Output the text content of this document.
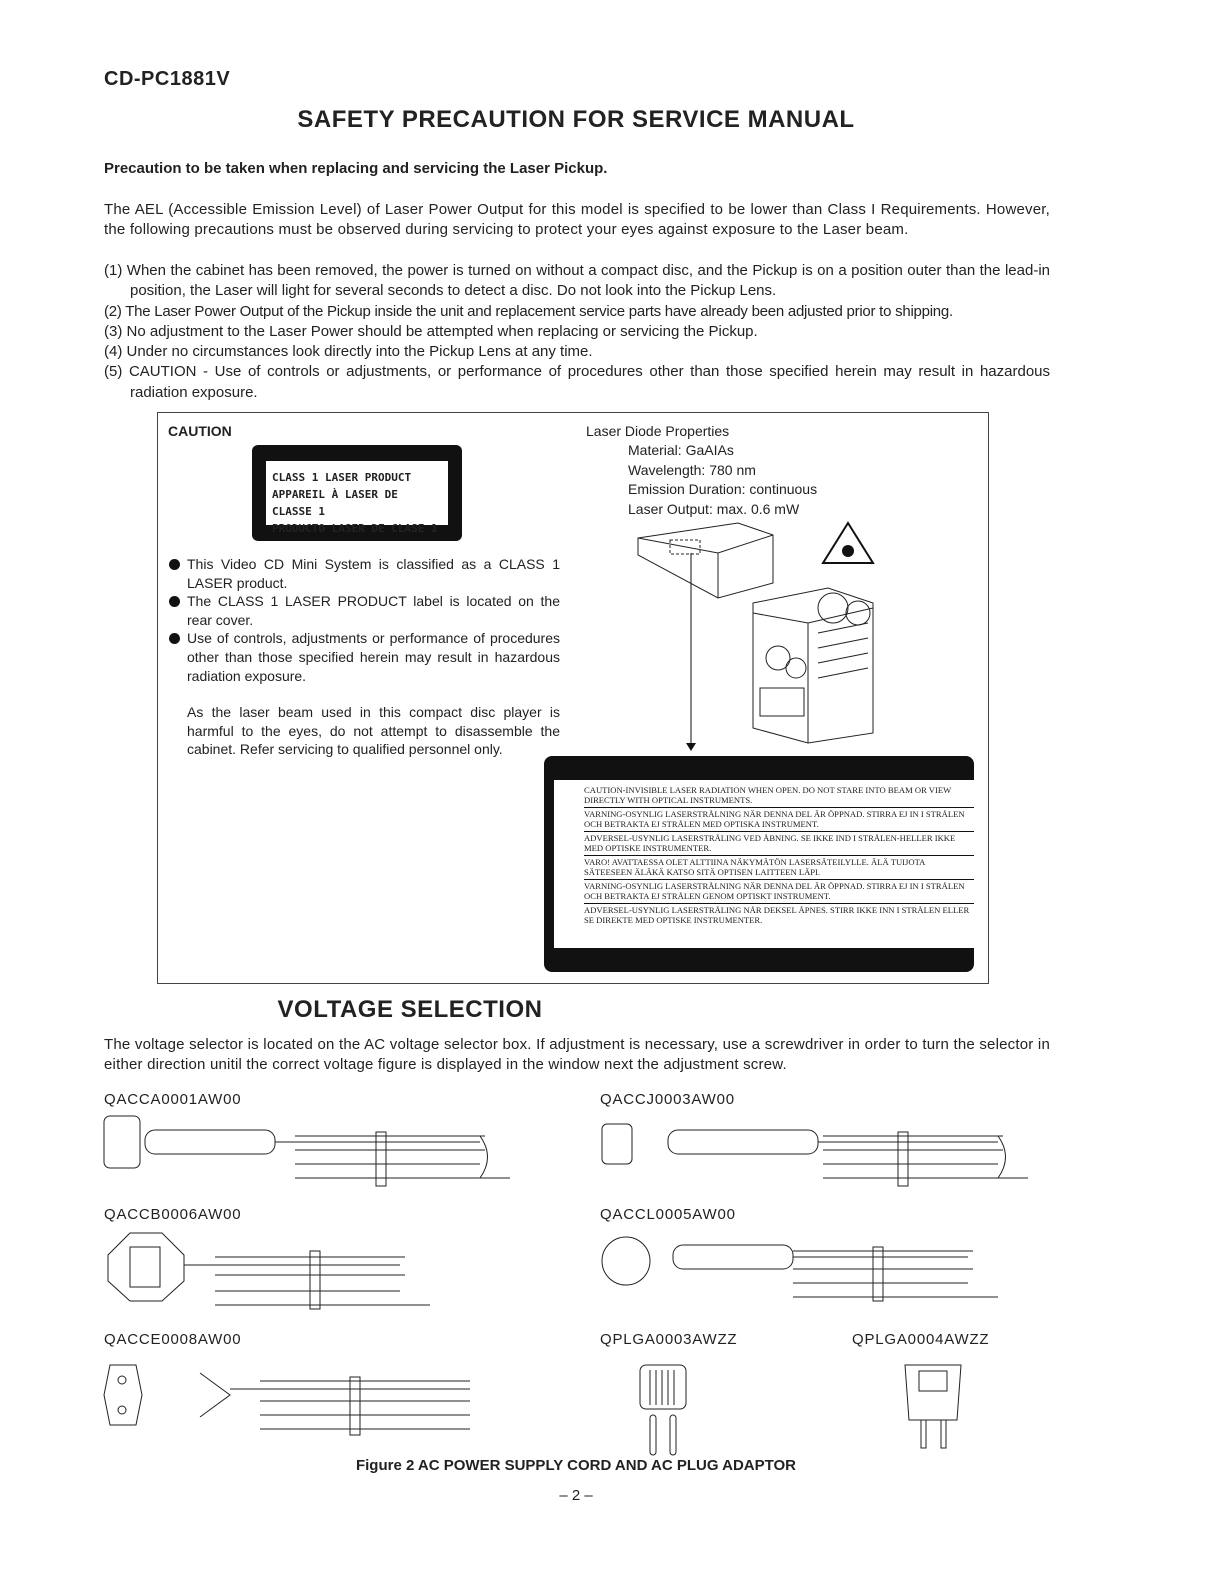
CD-PC1881V
SAFETY PRECAUTION FOR SERVICE MANUAL
Precaution to be taken when replacing and servicing the Laser Pickup.
The AEL (Accessible Emission Level) of Laser Power Output for this model is specified to be lower than Class I Requirements. However, the following precautions must be observed during servicing to protect your eyes against exposure to the Laser beam.
(1) When the cabinet has been removed, the power is turned on without a compact disc, and the Pickup is on a position outer than the lead-in position, the Laser will light for several seconds to detect a disc. Do not look into the Pickup Lens.
(2) The Laser Power Output of the Pickup inside the unit and replacement service parts have already been adjusted prior to shipping.
(3) No adjustment to the Laser Power should be attempted when replacing or servicing the Pickup.
(4) Under no circumstances look directly into the Pickup Lens at any time.
(5) CAUTION - Use of controls or adjustments, or performance of procedures other than those specified herein may result in hazardous radiation exposure.
CAUTION
CLASS 1 LASER PRODUCT
APPAREIL À LASER DE CLASSE 1
PRODUCTO LASER DE CLASE 1
This Video CD Mini System is classified as a CLASS 1 LASER product.
The CLASS 1 LASER PRODUCT label is located on the rear cover.
Use of controls, adjustments or performance of procedures other than those specified herein may result in hazardous radiation exposure.
As the laser beam used in this compact disc player is harmful to the eyes, do not attempt to disassemble the cabinet. Refer servicing to qualified personnel only.
Laser Diode Properties
Material: GaAIAs
Wavelength: 780 nm
Emission Duration: continuous
Laser Output: max. 0.6 mW
CAUTION-INVISIBLE LASER RADIATION WHEN OPEN. DO NOT STARE INTO BEAM OR VIEW DIRECTLY WITH OPTICAL INSTRUMENTS.
VARNING-OSYNLIG LASERSTRÅLNING NÄR DENNA DEL ÄR ÖPPNAD. STIRRA EJ IN I STRÅLEN OCH BETRAKTA EJ STRÅLEN MED OPTISKA INSTRUMENT.
ADVERSEL-USYNLIG LASERSTRÅLING VED ÅBNING. SE IKKE IND I STRÅLEN-HELLER IKKE MED OPTISKE INSTRUMENTER.
VARO! AVATTAESSA OLET ALTTIINA NÄKYMÄTÖN LASERSÄTEILYLLE. ÄLÄ TUIJOTA SÄTEESEEN ÄLÄKÄ KATSO SITÄ OPTISEN LAITTEEN LÄPI.
VARNING-OSYNLIG LASERSTRÅLNING NÄR DENNA DEL ÄR ÖPPNAD. STIRRA EJ IN I STRÅLEN OCH BETRAKTA EJ STRÅLEN GENOM OPTISKT INSTRUMENT.
ADVERSEL-USYNLIG LASERSTRÅLING NÅR DEKSEL ÅPNES. STIRR IKKE INN I STRÅLEN ELLER SE DIREKTE MED OPTISKE INSTRUMENTER.
VOLTAGE SELECTION
The voltage selector is located on the AC voltage selector box. If adjustment is necessary, use a screwdriver in order to turn the selector in either direction unitil the correct voltage figure is displayed in the window next the adjustment screw.
QACCA0001AW00	QACCJ0003AW00
QACCB0006AW00	QACCL0005AW00
QACCE0008AW00	QPLGA0003AWZZ	QPLGA0004AWZZ
Figure 2 AC POWER SUPPLY CORD AND AC PLUG ADAPTOR
– 2 –
